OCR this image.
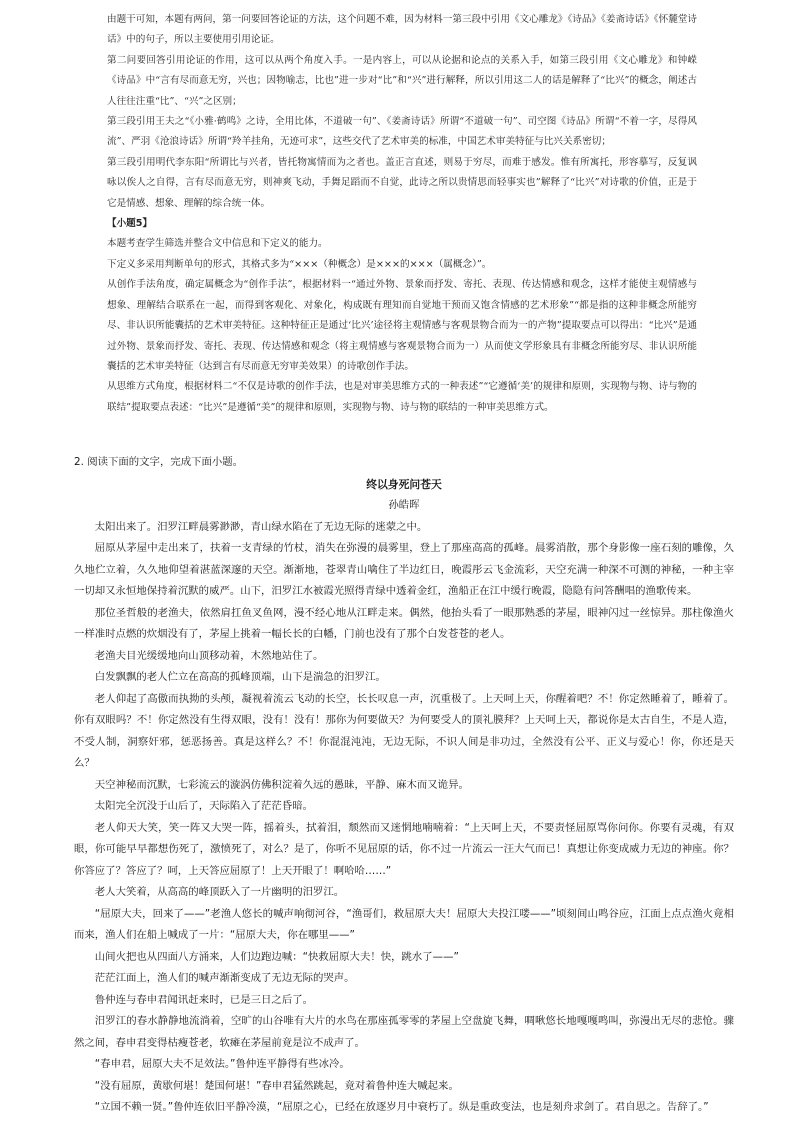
由题干可知，本题有两问，第一问要回答论证的方法，这个问题不难，因为材料一第三段中引用《文心雕龙》《诗品》《姜斋诗话》《怀麓堂诗话》中的句子，所以主要使用引用论证。

第二问要回答引用论证的作用，这可以从两个角度入手。一是内容上，可以从论据和论点的关系入手，如第三段引用《文心雕龙》和钟嵘《诗品》中“言有尽而意无穷，兴也；因物喻志，比也”进一步对“比”和“兴”进行解释，所以引用这二人的话是解释了“比兴”的概念，阐述古人往往注重“比”、“兴”之区别；

第三段引用王夫之“《小雅·鹤鸣》之诗，全用比体，不道破一句”、《姜斋诗话》所谓“不道破一句”、司空图《诗品》所谓“不着一字，尽得风流”、严羽《沧浪诗话》所谓“羚羊挂角，无迹可求”，这些交代了艺术审美的标准，中国艺术审美特征与比兴关系密切；

第三段引用明代李东阳“所谓比与兴者，皆托物寓情而为之者也。盖正言直述，则易于穷尽，而难于感发。惟有所寓托，形容摹写，反复讽咏以俟人之自得，言有尽而意无穷，则神爽飞动，手舞足蹈而不自觉，此诗之所以贵情思而轻事实也”解释了“比兴”对诗歌的价值，正是于它是情感、想象、理解的综合统一体。

【小题5】

本题考查学生筛选并整合文中信息和下定义的能力。

下定义多采用判断单句的形式，其格式多为“×××（种概念）是×××的×××（属概念）”。

从创作手法角度，确定属概念为“创作手法”，根据材料一“通过外物、景象而抒发、寄托、表现、传达情感和观念，这样才能使主观情感与想象、理解结合联系在一起，而得到客观化、对象化，构成既有理知而自觉地干预而又饱含情感的艺术形象”“都是指的这种非概念所能穷尽、非认识所能囊括的艺术审美特征。这种特征正是通过‘比兴’途径将主观情感与客观景物合而为一的产物”提取要点可以得出：“比兴”是通过外物、景象而抒发、寄托、表现、传达情感和观念（将主观情感与客观景物合而为一）从而使文学形象具有非概念所能穷尽、非认识所能囊括的艺术审美特征（达到言有尽而意无穷审美效果）的诗歌创作手法。

从思维方式角度，根据材料二“不仅是诗歌的创作手法，也是对审美思维方式的一种表述”“它遵循‘美’的规律和原则，实现物与物、诗与物的联结”提取要点表述：“比兴”是遵循“美”的规律和原则，实现物与物、诗与物的联结的一种审美思维方式。

2. 阅读下面的文字，完成下面小题。

终以身死问苍天

孙皓晖

太阳出来了。汨罗江畔晨雾渺渺，青山绿水陷在了无边无际的迷蒙之中。

屈原从茅屋中走出来了，扶着一支青绿的竹杖，消失在弥漫的晨雾里，登上了那座高高的孤峰。晨雾消散，那个身影像一座石刻的雕像，久久地伫立着，久久地仰望着湛蓝深邃的天空。渐渐地，苍翠青山噙住了半边红日，晚霞彤云飞金流彩，天空充满一种深不可测的神秘，一种主宰一切却又永恒地保持着沉默的威严。山下，汨罗江水被霞光照得青绿中透着金红，渔船正在江中缓行晚霞，隐隐有问答酬唱的渔歌传来。

那位圣哲般的老渔夫，依然肩扛鱼叉鱼网，漫不经心地从江畔走来。偶然，他抬头看了一眼那熟悉的茅屋，眼神闪过一丝惊异。那柱像渔火一样准时点燃的炊烟没有了，茅屋上挑着一幅长长的白幡，门前也没有了那个白发苍苍的老人。

老渔夫目光缓缓地向山顶移动着，木然地站住了。

白发飘飘的老人伫立在高高的孤峰顶端，山下是湍急的汨罗江。

老人仰起了高傲而执拗的头颅，凝视着流云飞动的长空，长长叹息一声，沉重极了。上天呵上天，你醒着吧？不！你定然睡着了，睡着了。你有双眼吗？不！你定然没有生得双眼，没有！没有！那你为何要做天？为何要受人的顶礼膜拜？上天呵上天，都说你是太古自生，不是人造，不受人制，洞察奸邪，惩恶扬善。真是这样么？不！你混混沌沌，无边无际，不识人间是非功过，全然没有公平、正义与爱心！你，你还是天么？

天空神秘而沉默，七彩流云的漩涡仿佛积淀着久远的愚昧，平静、麻木而又诡异。

太阳完全沉没于山后了，天际陷入了茫茫昏暗。

老人仰天大笑，笑一阵又大哭一阵，摇着头，拭着泪，颓然而又迷惘地喃喃着：“上天呵上天，不要责怪屈原骂你问你。你要有灵魂，有双眼，你可能早早都想伤死了，激愤死了，对么？是了，你听不见屈原的话，你不过一片流云一汪大气而已！真想让你变成威力无边的神座。你？你答应了？答应了？呵，上天答应屈原了！上天开眼了！啊哈哈……”

老人大笑着，从高高的峰顶跃入了一片幽明的汨罗江。

“屈原大夫，回来了——”老渔人悠长的喊声响彻河谷，“渔哥们，救屈原大夫！屈原大夫投江喽——”顷刻间山鸣谷应，江面上点点渔火竟相而来，渔人们在船上喊成了一片：“屈原大夫，你在哪里——”

山间火把也从四面八方涌来，人们边跑边喊：“快救屈原大夫！快，跳水了——”

茫茫江面上，渔人们的喊声渐渐变成了无边无际的哭声。

鲁仲连与春申君闻讯赶来时，已是三日之后了。

汨罗江的春水静静地流淌着，空旷的山谷唯有大片的水鸟在那座孤零零的茅屋上空盘旋飞舞，啁啾悠长地嘎嘎鸣叫，弥漫出无尽的悲怆。骤然之间，春申君变得枯瘦苍老，软瘫在茅屋前竟是泣不成声了。

“春申君，屈原大夫不足效法。”鲁仲连平静得有些冰冷。

“没有屈原，黄歇何堪！楚国何堪！”春申君猛然跳起，竟对着鲁仲连大喊起来。

“立国不赖一贤。”鲁仲连依旧平静冷漠，“屈原之心，已经在放逐岁月中衰朽了。纵是重政变法，也是刻舟求剑了。君自思之。告辞了。”
